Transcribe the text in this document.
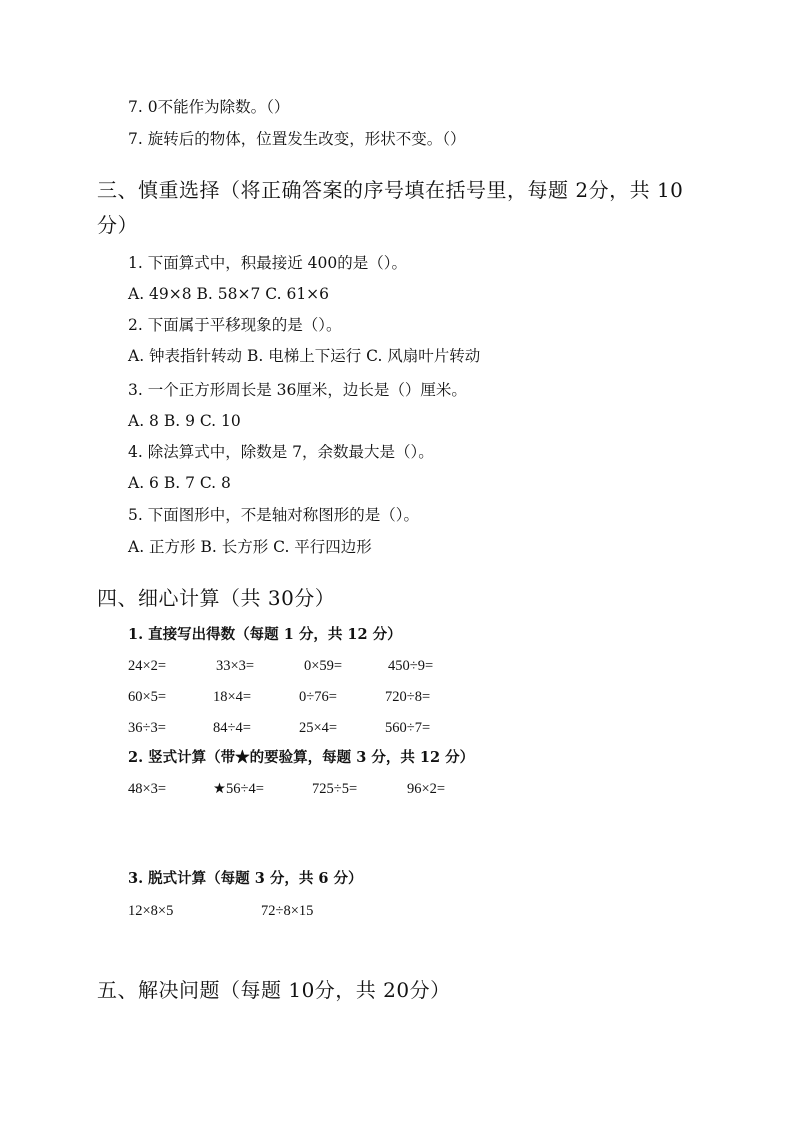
7. 0不能作为除数。（）
7. 旋转后的物体，位置发生改变，形状不变。（）
三、慎重选择（将正确答案的序号填在括号里，每题 2分，共 10
分）
1. 下面算式中，积最接近 400的是（）。
A. 49×8 B. 58×7 C. 61×6
2. 下面属于平移现象的是（）。
A. 钟表指针转动 B. 电梯上下运行 C. 风扇叶片转动
3. 一个正方形周长是 36厘米，边长是（）厘米。
A. 8 B. 9 C. 10
4. 除法算式中，除数是 7，余数最大是（）。
A. 6 B. 7 C. 8
5. 下面图形中，不是轴对称图形的是（）。
A. 正方形 B. 长方形 C. 平行四边形
四、细心计算（共 30分）
1. 直接写出得数（每题 1 分，共 12 分）
24×2=	33×3=	0×59=	450÷9=
60×5=	18×4=	0÷76=	720÷8=
36÷3=	84÷4=	25×4=	560÷7=
2. 竖式计算（带★的要验算，每题 3 分，共 12 分）
48×3=	★56÷4=	725÷5=	96×2=
3. 脱式计算（每题 3 分，共 6 分）
12×8×5	72÷8×15
五、解决问题（每题 10分，共 20分）
